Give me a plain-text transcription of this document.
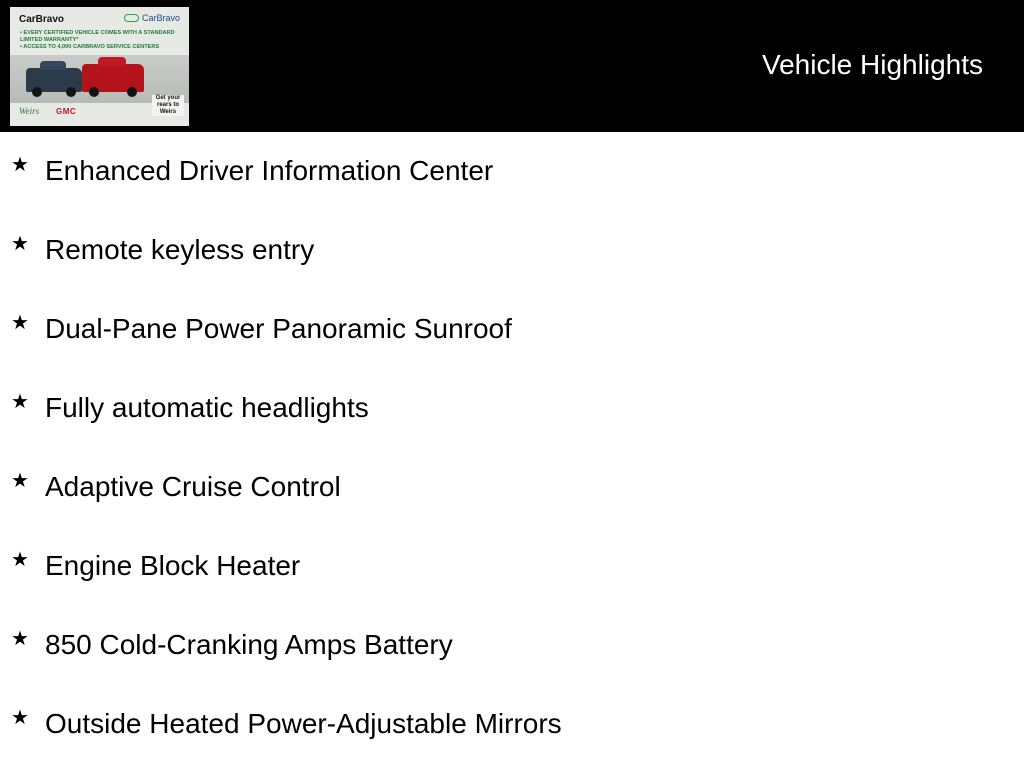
CarBravo	CarBravo
• EVERY CERTIFIED VEHICLE COMES WITH A STANDARD LIMITED WARRANTY*
• ACCESS TO 4,000 CARBRAVO SERVICE CENTERS
Weirs GMC
Get your rears to Weirs
Vehicle Highlights
★ Enhanced Driver Information Center
★ Remote keyless entry
★ Dual-Pane Power Panoramic Sunroof
★ Fully automatic headlights
★ Adaptive Cruise Control
★ Engine Block Heater
★ 850 Cold-Cranking Amps Battery
★ Outside Heated Power-Adjustable Mirrors
